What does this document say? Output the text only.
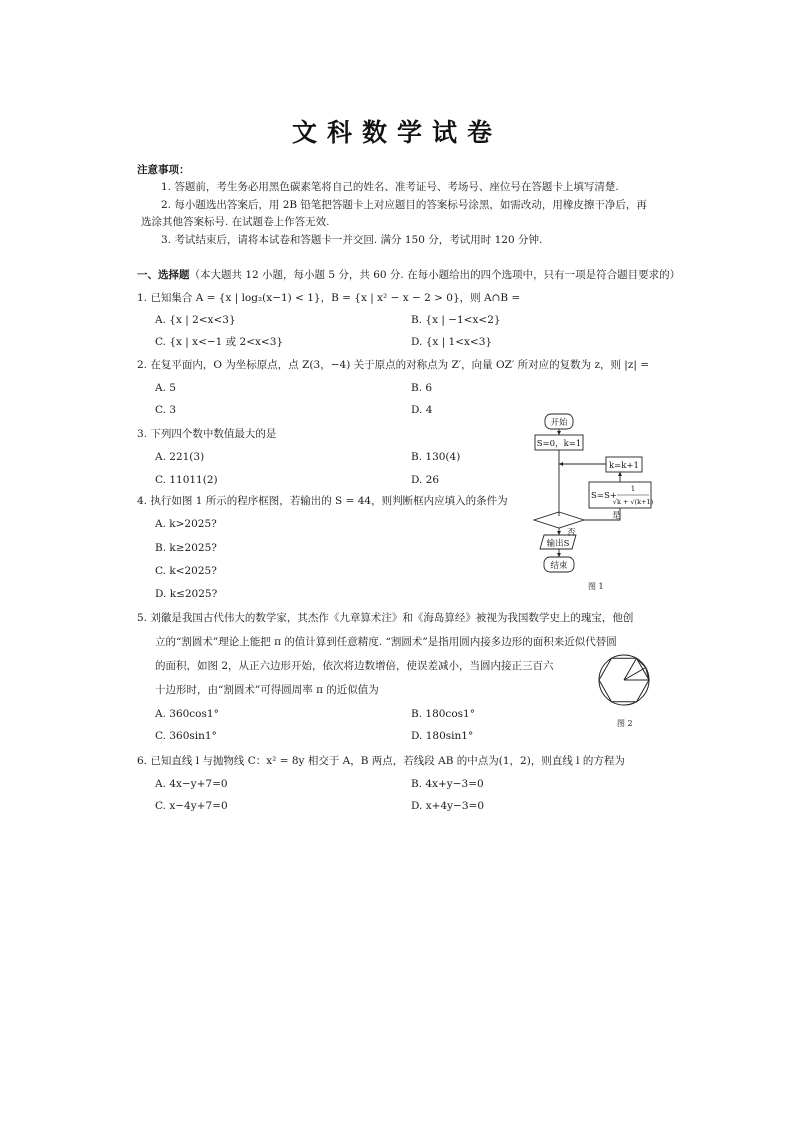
文科数学试卷
注意事项：
1. 答题前，考生务必用黑色碳素笔将自己的姓名、准考证号、考场号、座位号在答题卡上填写清楚.
2. 每小题选出答案后，用 2B 铅笔把答题卡上对应题目的答案标号涂黑，如需改动，用橡皮擦干净后，再
选涂其他答案标号. 在试题卷上作答无效.
3. 考试结束后，请将本试卷和答题卡一并交回. 满分 150 分，考试用时 120 分钟.
一、选择题（本大题共 12 小题，每小题 5 分，共 60 分. 在每小题给出的四个选项中，只有一项是符合题目要求的）
1. 已知集合 A = {x | log₂(x−1) < 1}，B = {x | x² − x − 2 > 0}，则 A∩B =
A. {x | 2<x<3}	B. {x | −1<x<2}
C. {x | x<−1 或 2<x<3}	D. {x | 1<x<3}
2. 在复平面内，O 为坐标原点，点 Z(3，−4) 关于原点的对称点为 Z′，向量 OZ′ 所对应的复数为 z，则 |z| =
A. 5	B. 6
C. 3	D. 4
3. 下列四个数中数值最大的是
A. 221(3)	B. 130(4)
C. 11011(2)	D. 26
4. 执行如图 1 所示的程序框图，若输出的 S = 44，则判断框内应填入的条件为
A. k>2025?
B. k≥2025?
C. k<2025?
D. k≤2025?
开始
S=0，k=1
k=k+1
S=S+
1
√k + √(k+1)
是
否
输出S
结束
图 1
5. 刘徽是我国古代伟大的数学家，其杰作《九章算术注》和《海岛算经》被视为我国数学史上的瑰宝，他创
立的“割圆术”理论上能把 π 的值计算到任意精度. “割圆术”是指用圆内接多边形的面积来近似代替圆
的面积，如图 2，从正六边形开始，依次将边数增倍，使误差减小，当圆内接正三百六
十边形时，由“割圆术”可得圆周率 π 的近似值为
A. 360cos1°	B. 180cos1°
C. 360sin1°	D. 180sin1°
图 2
6. 已知直线 l 与抛物线 C：x² = 8y 相交于 A，B 两点，若线段 AB 的中点为(1，2)，则直线 l 的方程为
A. 4x−y+7=0	B. 4x+y−3=0
C. x−4y+7=0	D. x+4y−3=0
